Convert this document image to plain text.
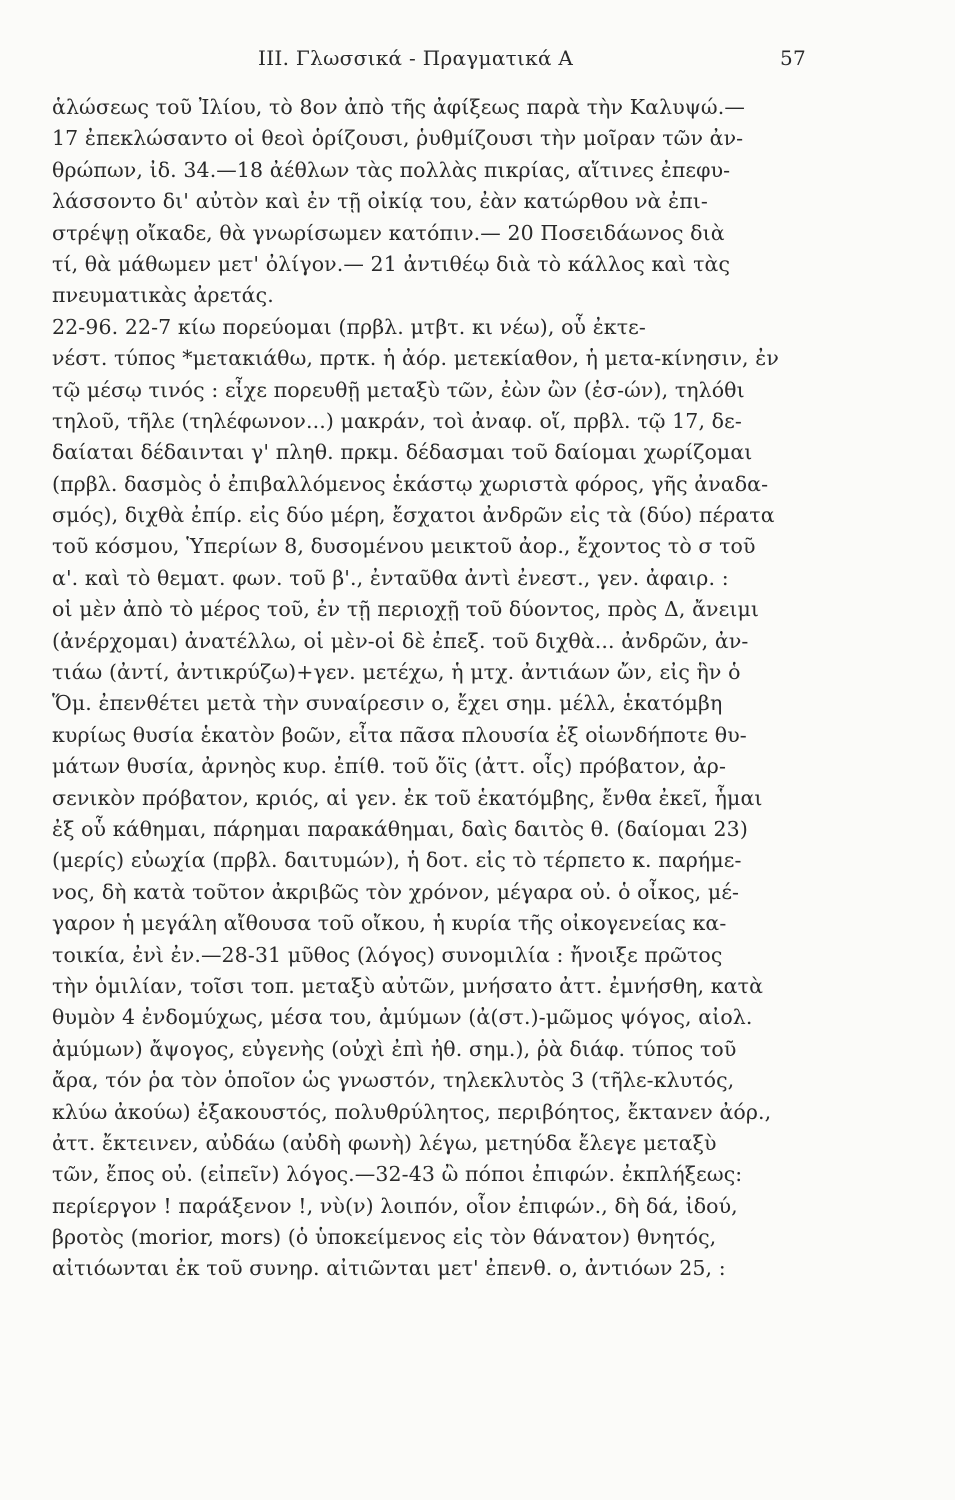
III. Γλωσσικά - Πραγματικά Α	57
ἁλώσεως τοῦ Ἰλίου, τὸ 8ον ἀπὸ τῆς ἀφίξεως παρὰ τὴν Καλυψώ.—
17 ἐπεκλώσαντο οἱ θεοὶ ὁρίζουσι, ῥυθμίζουσι τὴν μοῖραν τῶν ἀν-
θρώπων, ἰδ. 34.—18 ἀέθλων τὰς πολλὰς πικρίας, αἵτινες ἐπεφυ-
λάσσοντο δι' αὐτὸν καὶ ἐν τῇ οἰκίᾳ του, ἐὰν κατώρθου νὰ ἐπι-
στρέψῃ οἴκαδε, θὰ γνωρίσωμεν κατόπιν.— 20 Ποσειδάωνος διὰ
τί, θὰ μάθωμεν μετ' ὀλίγον.— 21 ἀντιθέῳ διὰ τὸ κάλλος καὶ τὰς
πνευματικὰς ἀρετάς.
22-96. 22-7 κίω πορεύομαι (πρβλ. μτβτ. κι νέω), οὗ ἐκτε-
νέστ. τύπος *μετακιάθω, πρτκ. ἡ ἀόρ. μετεκίαθον, ἡ μετα-κίνησιν, ἐν
τῷ μέσῳ τινός : εἶχε πορευθῇ μεταξὺ τῶν, ἐὼν ὢν (ἐσ-ών), τηλόθι
τηλοῦ, τῆλε (τηλέφωνον...) μακράν, τοὶ ἀναφ. οἵ, πρβλ. τῷ 17, δε-
δαίαται δέδαινται γ' πληθ. πρκμ. δέδασμαι τοῦ δαίομαι χωρίζομαι
(πρβλ. δασμὸς ὁ ἐπιβαλλόμενος ἑκάστῳ χωριστὰ φόρος, γῆς ἀναδα-
σμός), διχθὰ ἐπίρ. εἰς δύο μέρη, ἔσχατοι ἀνδρῶν εἰς τὰ (δύο) πέρατα
τοῦ κόσμου, Ὑπερίων 8, δυσομένου μεικτοῦ ἀορ., ἔχοντος τὸ σ τοῦ
α'. καὶ τὸ θεματ. φων. τοῦ β'., ἐνταῦθα ἀντὶ ἐνεστ., γεν. ἀφαιρ. :
οἱ μὲν ἀπὸ τὸ μέρος τοῦ, ἐν τῇ περιοχῇ τοῦ δύοντος, πρὸς Δ, ἄνειμι
(ἀνέρχομαι) ἀνατέλλω, οἱ μὲν-οἱ δὲ ἐπεξ. τοῦ διχθὰ... ἀνδρῶν, ἀν-
τιάω (ἀντί, ἀντικρύζω)+γεν. μετέχω, ἡ μτχ. ἀντιάων ὤν, εἰς ἣν ὁ
Ὅμ. ἐπενθέτει μετὰ τὴν συναίρεσιν ο, ἔχει σημ. μέλλ, ἑκατόμβη
κυρίως θυσία ἑκατὸν βοῶν, εἶτα πᾶσα πλουσία ἐξ οἱωνδήποτε θυ-
μάτων θυσία, ἀρνηὸς κυρ. ἐπίθ. τοῦ ὄϊς (ἀττ. οἶς) πρόβατον, ἀρ-
σενικὸν πρόβατον, κριός, αἱ γεν. ἐκ τοῦ ἑκατόμβης, ἔνθα ἐκεῖ, ἧμαι
ἐξ οὗ κάθημαι, πάρημαι παρακάθημαι, δαὶς δαιτὸς θ. (δαίομαι 23)
(μερίς) εὐωχία (πρβλ. δαιτυμών), ἡ δοτ. εἰς τὸ τέρπετο κ. παρήμε-
νος, δὴ κατὰ τοῦτον ἀκριβῶς τὸν χρόνον, μέγαρα οὐ. ὁ οἶκος, μέ-
γαρον ἡ μεγάλη αἴθουσα τοῦ οἴκου, ἡ κυρία τῆς οἰκογενείας κα-
τοικία, ἐνὶ ἐν.—28-31 μῦθος (λόγος) συνομιλία : ἤνοιξε πρῶτος
τὴν ὁμιλίαν, τοῖσι τοπ. μεταξὺ αὐτῶν, μνήσατο ἀττ. ἐμνήσθη, κατὰ
θυμὸν 4 ἐνδομύχως, μέσα του, ἀμύμων (ἀ(στ.)-μῶμος ψόγος, αἰολ.
ἀμύμων) ἄψογος, εὐγενὴς (οὐχὶ ἐπὶ ἠθ. σημ.), ῥὰ διάφ. τύπος τοῦ
ἄρα, τόν ῥα τὸν ὁποῖον ὡς γνωστόν, τηλεκλυτὸς 3 (τῆλε-κλυτός,
κλύω ἀκούω) ἐξακουστός, πολυθρύλητος, περιβόητος, ἔκτανεν ἀόρ.,
ἀττ. ἔκτεινεν, αὐδάω (αὐδὴ φωνὴ) λέγω, μετηύδα ἔλεγε μεταξὺ
τῶν, ἔπος οὐ. (εἰπεῖν) λόγος.—32-43 ὢ πόποι ἐπιφών. ἐκπλήξεως:
περίεργον ! παράξενον !, νὺ(ν) λοιπόν, οἷον ἐπιφών., δὴ δά, ἰδού,
βροτὸς (morior, mors) (ὁ ὑποκείμενος εἰς τὸν θάνατον) θνητός,
αἰτιόωνται ἐκ τοῦ συνηρ. αἰτιῶνται μετ' ἐπενθ. ο, ἀντιόων 25, :
